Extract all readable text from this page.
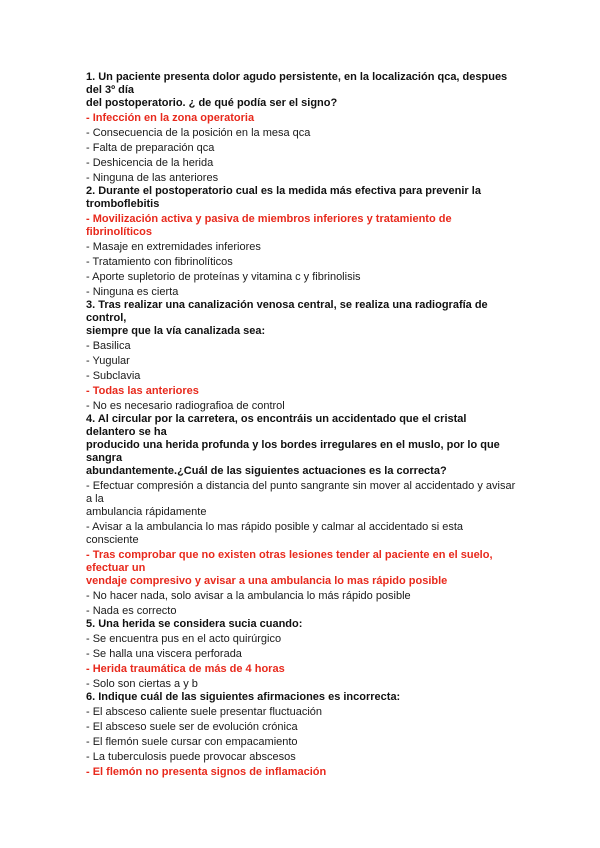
1. Un paciente presenta dolor agudo persistente, en la localización qca, despues del 3º día
del postoperatorio. ¿ de qué podía ser el signo?
- Infección en la zona operatoria
- Consecuencia de la posición en la mesa qca
- Falta de preparación qca
- Deshicencia de la herida
- Ninguna de las anteriores
2. Durante el postoperatorio cual es la medida más efectiva para prevenir la tromboflebitis
- Movilización activa y pasiva de miembros inferiores y tratamiento de fibrinolíticos
- Masaje en extremidades inferiores
- Tratamiento con fibrinolíticos
- Aporte supletorio de proteínas y vitamina c y fibrinolisis
- Ninguna es cierta
3. Tras realizar una canalización venosa central, se realiza una radiografía de control,
siempre que la vía canalizada sea:
- Basilica
- Yugular
- Subclavia
- Todas las anteriores
- No es necesario radiografioa de control
4. Al circular por la carretera, os encontráis un accidentado que el cristal delantero se ha
producido una herida profunda y los bordes irregulares en el muslo, por lo que sangra
abundantemente.¿Cuál de las siguientes actuaciones es la correcta?
- Efectuar compresión a distancia del punto sangrante sin mover al accidentado y avisar a la
ambulancia rápidamente
- Avisar a la ambulancia lo mas rápido posible y calmar al accidentado si esta consciente
- Tras comprobar que no existen otras lesiones tender al paciente en el suelo, efectuar un
vendaje compresivo y avisar a una ambulancia lo mas rápido posible
- No hacer nada, solo avisar a la ambulancia lo más rápido posible
- Nada es correcto
5. Una herida se considera sucia cuando:
- Se encuentra pus en el acto quirúrgico
- Se halla una viscera perforada
- Herida traumática de más de 4 horas
- Solo son ciertas a y b
6. Indique cuál de las siguientes afirmaciones es incorrecta:
- El absceso caliente suele presentar fluctuación
- El absceso suele ser de evolución crónica
- El flemón suele cursar con empacamiento
- La tuberculosis puede provocar abscesos
- El flemón no presenta signos de inflamación
